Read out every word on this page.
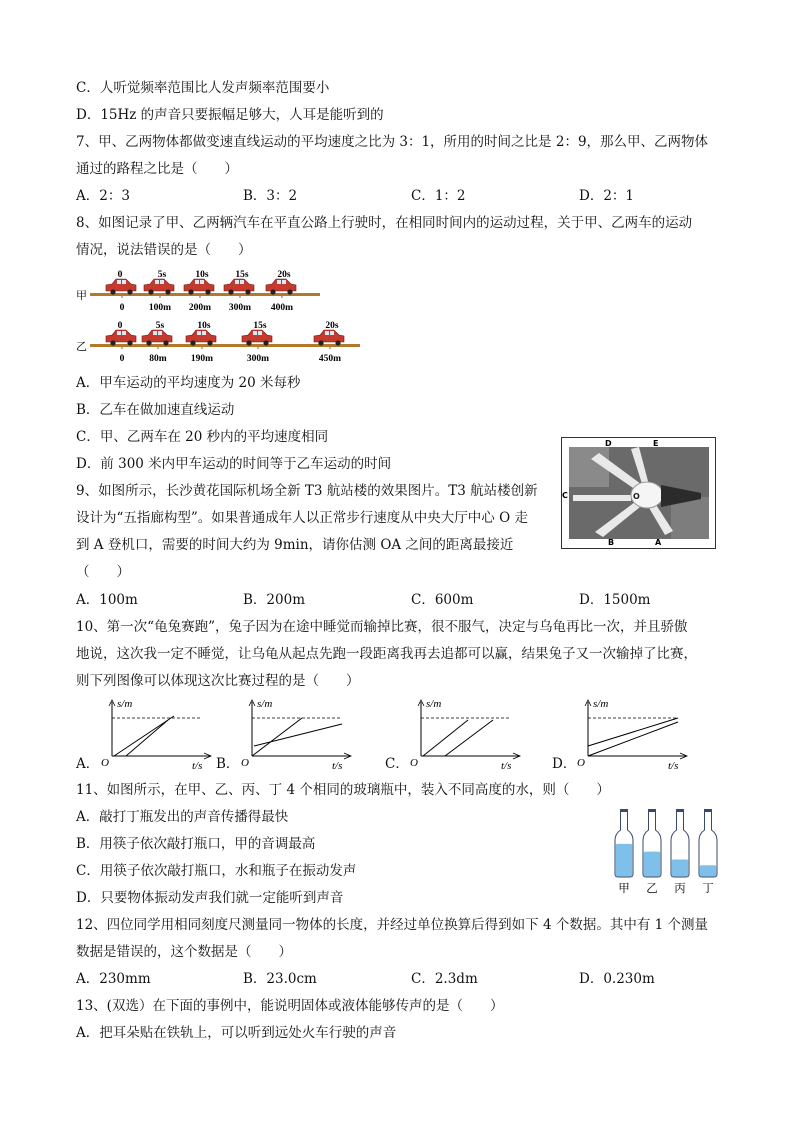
C．人听觉频率范围比人发声频率范围要小
D．15Hz 的声音只要振幅足够大，人耳是能听到的
7、甲、乙两物体都做变速直线运动的平均速度之比为 3：1，所用的时间之比是 2：9，那么甲、乙两物体
通过的路程之比是（　　）
A．2：3	B．3：2	C．1：2	D．2：1
8、如图记录了甲、乙两辆汽车在平直公路上行驶时，在相同时间内的运动过程，关于甲、乙两车的运动
情况，说法错误的是（　　）
甲
乙
0
0
5s
100m
10s
200m
15s
300m
20s
400m
0
0
5s
80m
10s
190m
15s
300m
20s
450m
A．甲车运动的平均速度为 20 米每秒
B．乙车在做加速直线运动
C．甲、乙两车在 20 秒内的平均速度相同
D．前 300 米内甲车运动的时间等于乙车运动的时间
9、如图所示，长沙黄花国际机场全新 T3 航站楼的效果图片。T3 航站楼创新
设计为“五指廊构型”。如果普通成年人以正常步行速度从中央大厅中心 O 走
到 A 登机口，需要的时间大约为 9min，请你估测 OA 之间的距离最接近
（　　）
D	E
C	O
B	A
A．100m	B．200m	C．600m	D．1500m
10、第一次“龟兔赛跑”，兔子因为在途中睡觉而输掉比赛，很不服气，决定与乌龟再比一次，并且骄傲
地说，这次我一定不睡觉，让乌龟从起点先跑一段距离我再去追都可以赢，结果兔子又一次输掉了比赛，
则下列图像可以体现这次比赛过程的是（　　）
A．
s/m
t/s
O	B．
s/m
t/s
O	C．
s/m
t/s
O	D．
s/m
t/s
O
11、如图所示，在甲、乙、丙、丁 4 个相同的玻璃瓶中，装入不同高度的水，则（　　）
A．敲打丁瓶发出的声音传播得最快
B．用筷子依次敲打瓶口，甲的音调最高
C．用筷子依次敲打瓶口，水和瓶子在振动发声
D．只要物体振动发声我们就一定能听到声音
甲 乙 丙 丁
12、四位同学用相同刻度尺测量同一物体的长度，并经过单位换算后得到如下 4 个数据。其中有 1 个测量
数据是错误的，这个数据是（　　）
A．230mm	B．23.0cm	C．2.3dm	D．0.230m
13、(双选）在下面的事例中，能说明固体或液体能够传声的是（　　）
A．把耳朵贴在铁轨上，可以听到远处火车行驶的声音
